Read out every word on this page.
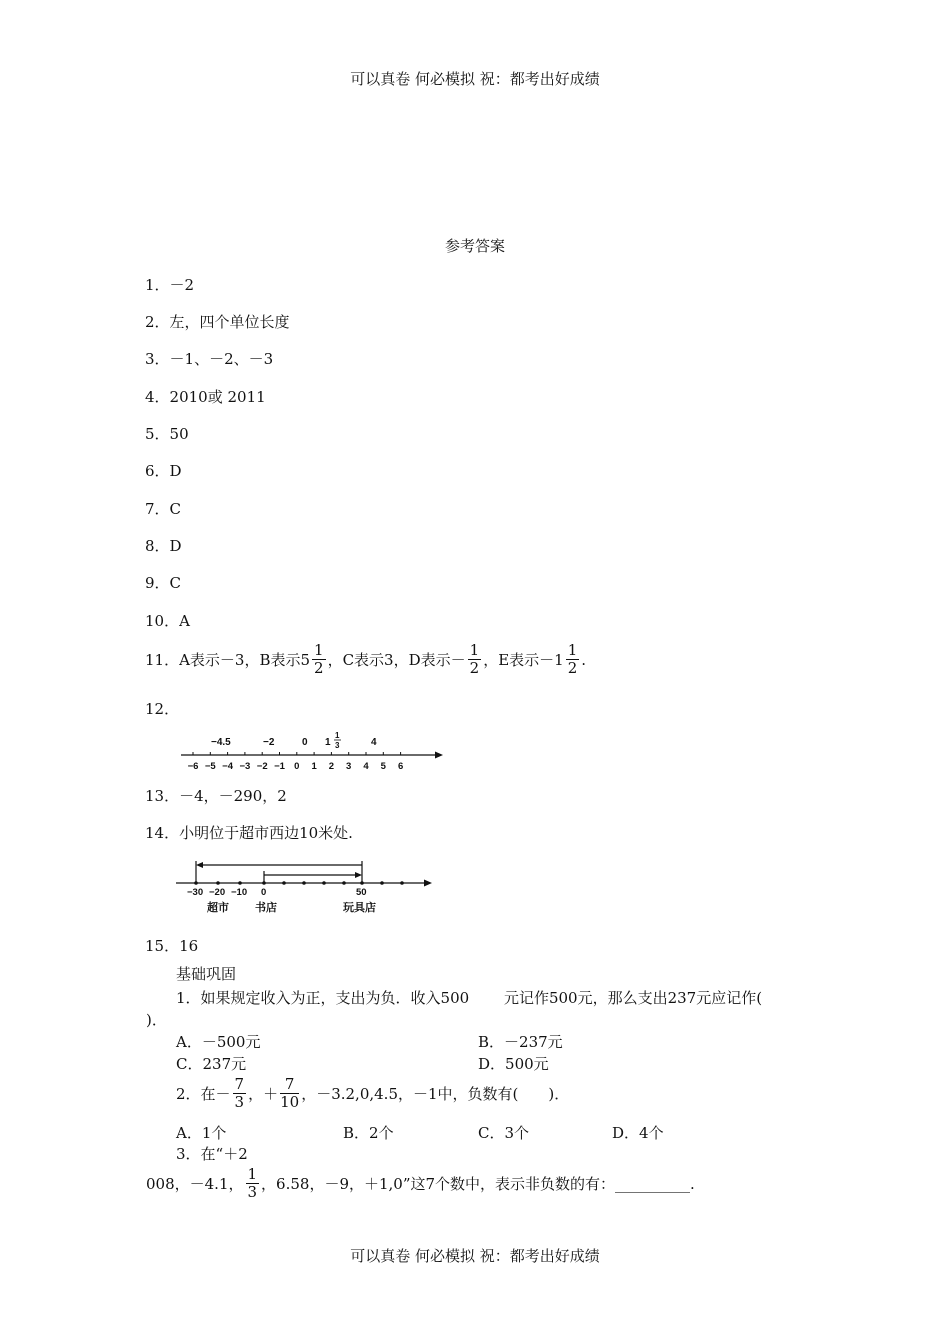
可以真卷 何必模拟 祝：都考出好成绩
参考答案
1．－2
2．左，四个单位长度
3．－1、－2、－3
4．2010或 2011
5．50
6．D
7．C
8．D
9．C
10．A
11．A表示－3，B表示$5 \frac{1}{2}$ ，C表示3，D表示－ $\frac{1}{2}$ ，E表示$-1 \frac{1}{2}$ .
12．
−4.5	−2	0 1
1
3	4
−6 −5 −4 −3 −2 −1 0 1 2 3 4 5 6
13．－4，－290，2
14．小明位于超市西边10米处.
−30 −20 −10 0	50
超市 书店	玩具店
15．16
基础巩固
1．如果规定收入为正，支出为负．收入500　　 元记作500元，那么支出237元应记作(
)．
A．－500元	B．－237元
C．237元	D．500元
2．在－ $\frac{7}{3}$ ，＋ $\frac{7}{10}$ ，－3.2,0,4.5，－1中，负数有(　　)．
A．1个	B．2个	C．3个	D．4个
3．在“＋2
008，－4.1， $\frac{1}{3}$ ，6.58，－9，＋1,0”这7个数中，表示非负数的有：__________.
可以真卷 何必模拟 祝：都考出好成绩
